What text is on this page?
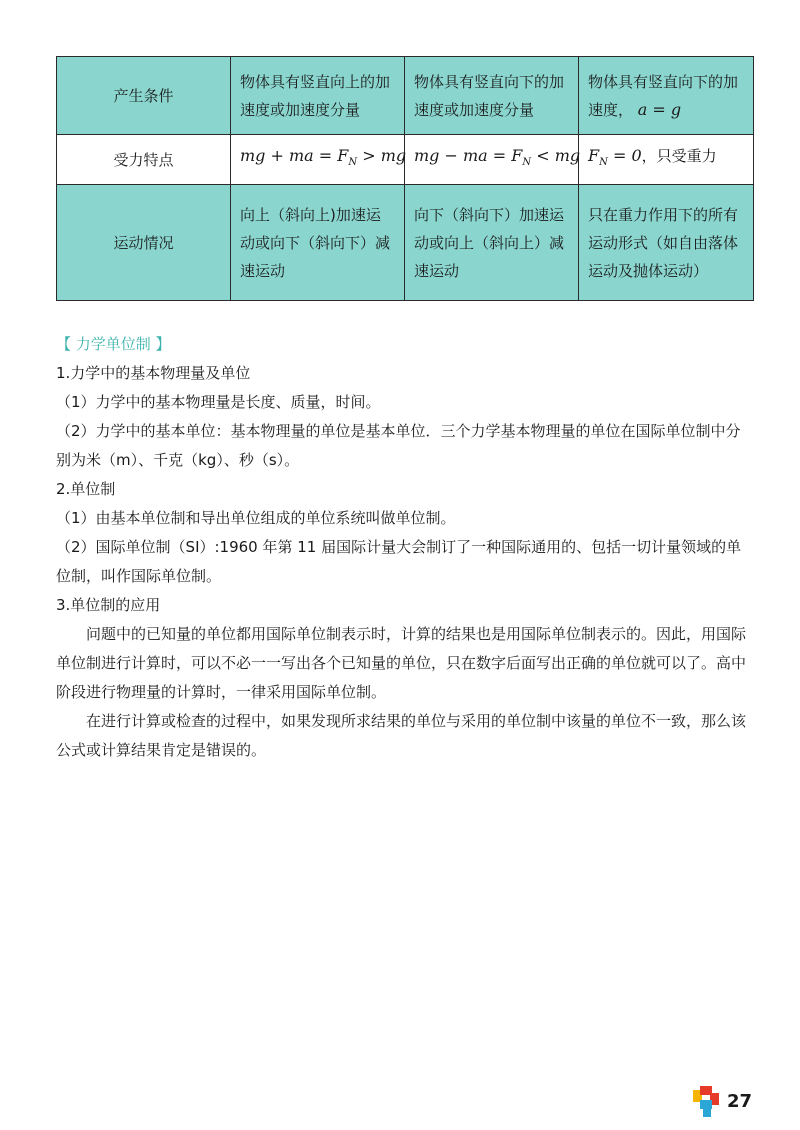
产生条件	物体具有竖直向上的加速度或加速度分量	物体具有竖直向下的加速度或加速度分量	物体具有竖直向下的加速度， a = g
受力特点	mg + ma = $F_N$ > mg	mg − ma = $F_N$ < mg	$F_N = 0$，只受重力
运动情况	向上（斜向上)加速运动或向下（斜向下）减速运动	向下（斜向下）加速运动或向上（斜向上）减速运动	只在重力作用下的所有运动形式（如自由落体运动及抛体运动）

【 力学单位制 】

1.力学中的基本物理量及单位

（1）力学中的基本物理量是长度、质量，时间。

（2）力学中的基本单位：基本物理量的单位是基本单位．三个力学基本物理量的单位在国际单位制中分别为米（m）、千克（kg）、秒（s）。

2.单位制

（1）由基本单位制和导出单位组成的单位系统叫做单位制。

（2）国际单位制（SI）:1960 年第 11 届国际计量大会制订了一种国际通用的、包括一切计量领域的单位制，叫作国际单位制。

3.单位制的应用

问题中的已知量的单位都用国际单位制表示时，计算的结果也是用国际单位制表示的。因此，用国际单位制进行计算时，可以不必一一写出各个已知量的单位，只在数字后面写出正确的单位就可以了。高中阶段进行物理量的计算时，一律采用国际单位制。

在进行计算或检查的过程中，如果发现所求结果的单位与采用的单位制中该量的单位不一致，那么该公式或计算结果肯定是错误的。

27
